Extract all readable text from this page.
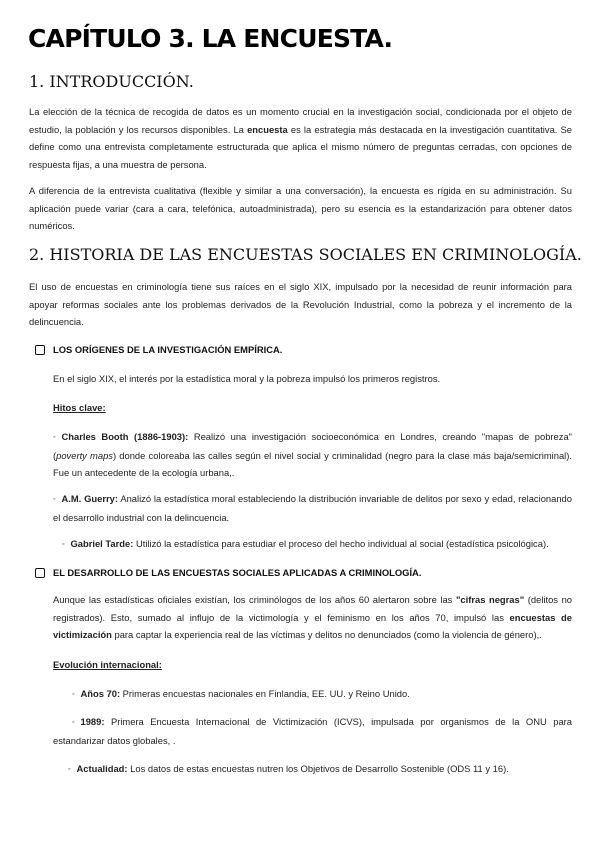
CAPÍTULO 3. LA ENCUESTA.
1. INTRODUCCIÓN.

La elección de la técnica de recogida de datos es un momento crucial en la investigación social, condicionada por el objeto de estudio, la población y los recursos disponibles. La encuesta es la estrategia más destacada en la investigación cuantitativa. Se define como una entrevista completamente estructurada que aplica el mismo número de preguntas cerradas, con opciones de respuesta fijas, a una muestra de persona.

A diferencia de la entrevista cualitativa (flexible y similar a una conversación), la encuesta es rígida en su administración. Su aplicación puede variar (cara a cara, telefónica, autoadministrada), pero su esencia es la estandarización para obtener datos numéricos.

2. HISTORIA DE LAS ENCUESTAS SOCIALES EN CRIMINOLOGÍA.

El uso de encuestas en criminología tiene sus raíces en el siglo XIX, impulsado por la necesidad de reunir información para apoyar reformas sociales ante los problemas derivados de la Revolución Industrial, como la pobreza y el incremento de la delincuencia.

LOS ORÍGENES DE LA INVESTIGACIÓN EMPÍRICA.

En el siglo XIX, el interés por la estadística moral y la pobreza impulsó los primeros registros.

Hitos clave:

◦ Charles Booth (1886-1903): Realizó una investigación socioeconómica en Londres, creando "mapas de pobreza" (poverty maps) donde coloreaba las calles según el nivel social y criminalidad (negro para la clase más baja/semicriminal). Fue un antecedente de la ecología urbana,.

◦ A.M. Guerry: Analizó la estadística moral estableciendo la distribución invariable de delitos por sexo y edad, relacionando el desarrollo industrial con la delincuencia.

◦ Gabriel Tarde: Utilizó la estadística para estudiar el proceso del hecho individual al social (estadística psicológica).

EL DESARROLLO DE LAS ENCUESTAS SOCIALES APLICADAS A CRIMINOLOGÍA.

Aunque las estadísticas oficiales existían, los criminólogos de los años 60 alertaron sobre las "cifras negras" (delitos no registrados). Esto, sumado al influjo de la victimología y el feminismo en los años 70, impulsó las encuestas de victimización para captar la experiencia real de las víctimas y delitos no denunciados (como la violencia de género),.

Evolución internacional:

◦ Años 70: Primeras encuestas nacionales en Finlandia, EE. UU. y Reino Unido.

◦ 1989: Primera Encuesta Internacional de Victimización (ICVS), impulsada por organismos de la ONU para estandarizar datos globales, .

◦ Actualidad: Los datos de estas encuestas nutren los Objetivos de Desarrollo Sostenible (ODS 11 y 16).
